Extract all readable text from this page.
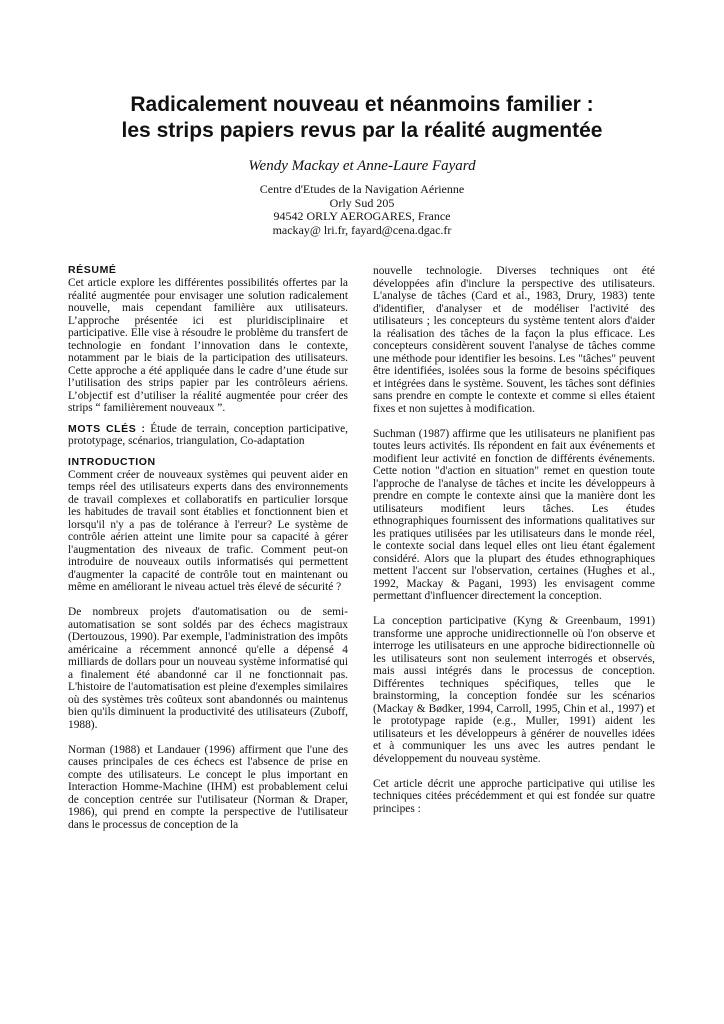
Radicalement nouveau et néanmoins familier :
les strips papiers revus par la réalité augmentée
Wendy Mackay et Anne-Laure Fayard
Centre d'Etudes de la Navigation Aérienne
Orly Sud 205
94542 ORLY AEROGARES, France
mackay@ lri.fr, fayard@cena.dgac.fr
RÉSUMÉ

Cet article explore les différentes possibilités offertes par la réalité augmentée pour envisager une solution radicalement nouvelle, mais cependant familière aux utilisateurs. L’approche présentée ici est pluridisciplinaire et participative. Elle vise à résoudre le problème du transfert de technologie en fondant l’innovation dans le contexte, notamment par le biais de la participation des utilisateurs. Cette approche a été appliquée dans le cadre d’une étude sur l’utilisation des strips papier par les contrôleurs aériens. L’objectif est d’utiliser la réalité augmentée pour créer des strips “ familièrement nouveaux ”.

MOTS CLÉS : Étude de terrain, conception participative, prototypage, scénarios, triangulation, Co-adaptation

INTRODUCTION

Comment créer de nouveaux systèmes qui peuvent aider en temps réel des utilisateurs experts dans des environnements de travail complexes et collaboratifs en particulier lorsque les habitudes de travail sont établies et fonctionnent bien et lorsqu'il n'y a pas de tolérance à l'erreur? Le système de contrôle aérien atteint une limite pour sa capacité à gérer l'augmentation des niveaux de trafic. Comment peut-on introduire de nouveaux outils informatisés qui permettent d'augmenter la capacité de contrôle tout en maintenant ou même en améliorant le niveau actuel très élevé de sécurité ?

De nombreux projets d'automatisation ou de semi-automatisation se sont soldés par des échecs magistraux (Dertouzous, 1990). Par exemple, l'administration des impôts américaine a récemment annoncé qu'elle a dépensé 4 milliards de dollars pour un nouveau système informatisé qui a finalement été abandonné car il ne fonctionnait pas. L'histoire de l'automatisation est pleine d'exemples similaires où des systèmes très coûteux sont abandonnés ou maintenus bien qu'ils diminuent la productivité des utilisateurs (Zuboff, 1988).

Norman (1988) et Landauer (1996) affirment que l'une des causes principales de ces échecs est l'absence de prise en compte des utilisateurs. Le concept le plus important en Interaction Homme-Machine (IHM) est probablement celui de conception centrée sur l'utilisateur (Norman & Draper, 1986), qui prend en compte la perspective de l'utilisateur dans le processus de conception de la

nouvelle technologie. Diverses techniques ont été développées afin d'inclure la perspective des utilisateurs. L'analyse de tâches (Card et al., 1983, Drury, 1983) tente d'identifier, d'analyser et de modéliser l'activité des utilisateurs ; les concepteurs du système tentent alors d'aider la réalisation des tâches de la façon la plus efficace. Les concepteurs considèrent souvent l'analyse de tâches comme une méthode pour identifier les besoins. Les "tâches" peuvent être identifiées, isolées sous la forme de besoins spécifiques et intégrées dans le système. Souvent, les tâches sont définies sans prendre en compte le contexte et comme si elles étaient fixes et non sujettes à modification.

Suchman (1987) affirme que les utilisateurs ne planifient pas toutes leurs activités. Ils répondent en fait aux événements et modifient leur activité en fonction de différents événements. Cette notion "d'action en situation" remet en question toute l'approche de l'analyse de tâches et incite les développeurs à prendre en compte le contexte ainsi que la manière dont les utilisateurs modifient leurs tâches. Les études ethnographiques fournissent des informations qualitatives sur les pratiques utilisées par les utilisateurs dans le monde réel, le contexte social dans lequel elles ont lieu étant également considéré. Alors que la plupart des études ethnographiques mettent l'accent sur l'observation, certaines (Hughes et al., 1992, Mackay & Pagani, 1993) les envisagent comme permettant d'influencer directement la conception.

La conception participative (Kyng & Greenbaum, 1991) transforme une approche unidirectionnelle où l'on observe et interroge les utilisateurs en une approche bidirectionnelle où les utilisateurs sont non seulement interrogés et observés, mais aussi intégrés dans le processus de conception. Différentes techniques spécifiques, telles que le brainstorming, la conception fondée sur les scénarios (Mackay & Bødker, 1994, Carroll, 1995, Chin et al., 1997) et le prototypage rapide (e.g., Muller, 1991) aident les utilisateurs et les développeurs à générer de nouvelles idées et à communiquer les uns avec les autres pendant le développement du nouveau système.

Cet article décrit une approche participative qui utilise les techniques citées précédemment et qui est fondée sur quatre principes :
